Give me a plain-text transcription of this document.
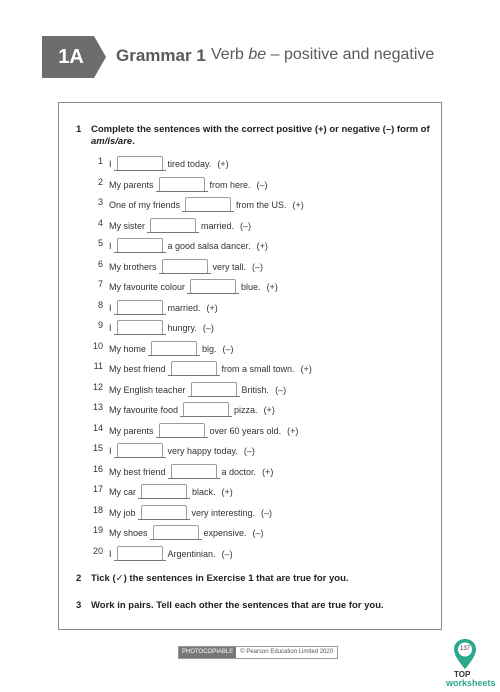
1A	Grammar 1 Verb be – positive and negative
1 Complete the sentences with the correct positive (+) or negative (–) form of am/is/are.
1 I	tired today. (+)
2 My parents	from here. (–)
3 One of my friends	from the US. (+)
4 My sister	married. (–)
5 I	a good salsa dancer. (+)
6 My brothers	very tall. (–)
7 My favourite colour	blue. (+)
8 I	married. (+)
9 I	hungry. (–)
10 My home	big. (–)
11 My best friend	from a small town. (+)
12 My English teacher	British. (–)
13 My favourite food	pizza. (+)
14 My parents	over 60 years old. (+)
15 I	very happy today. (–)
16 My best friend	a doctor. (+)
17 My car	black. (+)
18 My job	very interesting. (–)
19 My shoes	expensive. (–)
20 I	Argentinian. (–)
2 Tick (✓) the sentences in Exercise 1 that are true for you.
3 Work in pairs. Tell each other the sentences that are true for you.
PHOTOCOPIABLE © Pearson Education Limited 2020	137
TOP
worksheets
